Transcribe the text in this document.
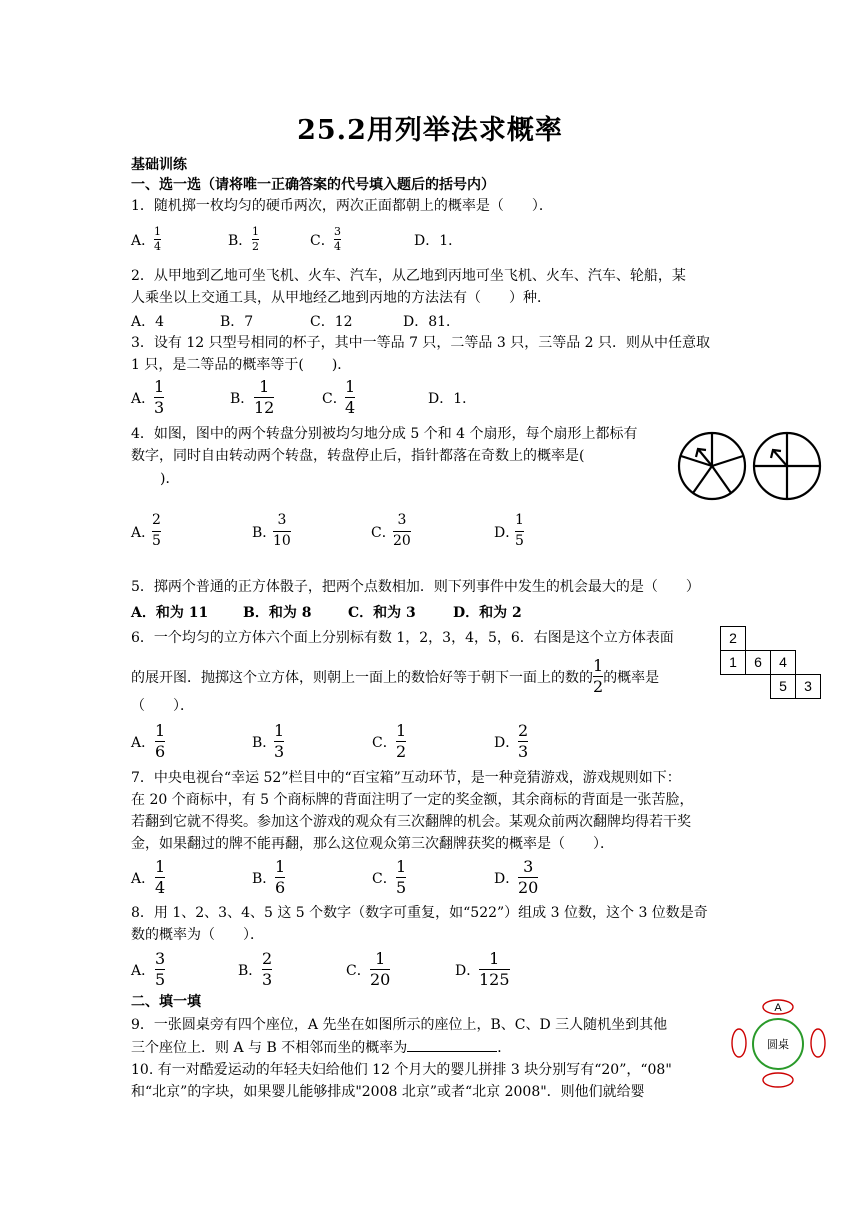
25.2用列举法求概率
基础训练
一、选一选（请将唯一正确答案的代号填入题后的括号内）
1．随机掷一枚均匀的硬币两次，两次正面都朝上的概率是（　　）．
A．
1
4	B．
1
2	C．
3
4	D．1．
2．从甲地到乙地可坐飞机、火车、汽车，从乙地到丙地可坐飞机、火车、汽车、轮船，某
人乘坐以上交通工具，从甲地经乙地到丙地的方法法有（　　）种．
A．4	B．7	C．12	D．81．
3．设有 12 只型号相同的杯子，其中一等品 7 只，二等品 3 只，三等品 2 只．则从中任意取
1 只，是二等品的概率等于(　　)．
A．
1
3	B．
1
12	C．
1
4	D．1．
4．如图，图中的两个转盘分别被均匀地分成 5 个和 4 个扇形，每个扇形上都标有
数字，同时自由转动两个转盘，转盘停止后，指针都落在奇数上的概率是(
)．
A．
2
5	B．
3
10	C．
3
20	D．
1
5
5．掷两个普通的正方体骰子，把两个点数相加．则下列事件中发生的机会最大的是（　　）
A．和为 11 B．和为 8	C．和为 3	D．和为 2
6．一个均匀的立方体六个面上分别标有数 1，2，3，4，5，6．右图是这个立方体表面
的展开图．抛掷这个立方体，则朝上一面上的数恰好等于朝下一面上的数的 $\frac{1}{2}$ 的概率是
（　　）．
2
1	6	4
5	3
A．
1
6	B．
1
3	C．
1
2	D．
2
3
7．中央电视台“幸运 52”栏目中的“百宝箱”互动环节，是一种竞猜游戏，游戏规则如下：
在 20 个商标中，有 5 个商标牌的背面注明了一定的奖金额，其余商标的背面是一张苦脸，
若翻到它就不得奖。参加这个游戏的观众有三次翻牌的机会。某观众前两次翻牌均得若干奖
金，如果翻过的牌不能再翻，那么这位观众第三次翻牌获奖的概率是（　　）．
A．
1
4	B．
1
6	C．
1
5	D．
3
20
8．用 1、2、3、4、5 这 5 个数字（数字可重复，如“522”）组成 3 位数，这个 3 位数是奇
数的概率为（　　）．
A．
3
5	B．
2
3	C．
1
20	D．
1
125
二、填一填
9．一张圆桌旁有四个座位，A 先坐在如图所示的座位上，B、C、D 三人随机坐到其他
三个座位上．则 A 与 B 不相邻而坐的概率为	．
A
圆桌
10. 有一对酷爱运动的年轻夫妇给他们 12 个月大的婴儿拼排 3 块分别写有“20”，“08"
和“北京”的字块，如果婴儿能够排成"2008 北京”或者“北京 2008"．则他们就给婴
